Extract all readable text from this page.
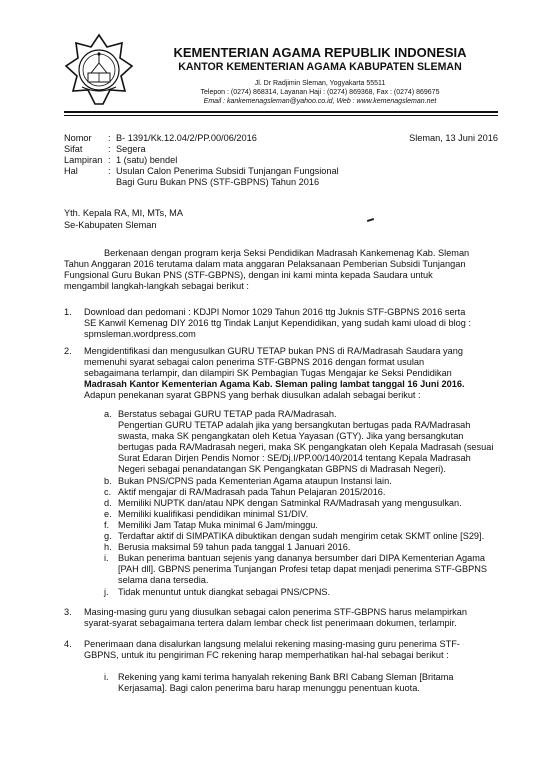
KEMENTERIAN AGAMA REPUBLIK INDONESIA
KANTOR KEMENTERIAN AGAMA KABUPATEN SLEMAN
Jl. Dr Radjimin Sleman, Yogyakarta 55511
Telepon : (0274) 868314, Layanan Haji : (0274) 869368, Fax : (0274) 869675
Email : kankemenagsleman@yahoo.co.id, Web : www.kemenagsleman.net
Nomor	: B- 1391/Kk.12.04/2/PP.00/06/2016	Sleman, 13 Juni 2016
Sifat	: Segera
Lampiran : 1 (satu) bendel
Hal	: Usulan Calon Penerima Subsidi Tunjangan Fungsional
Bagi Guru Bukan PNS (STF-GBPNS) Tahun 2016
Yth. Kepala RA, MI, MTs, MA
Se-Kabupaten Sleman
Berkenaan dengan program kerja Seksi Pendidikan Madrasah Kankemenag Kab. Sleman
Tahun Anggaran 2016 terutama dalam mata anggaran Pelaksanaan Pemberian Subsidi Tunjangan
Fungsional Guru Bukan PNS (STF-GBPNS), dengan ini kami minta kepada Saudara untuk
mengambil langkah-langkah sebagai berikut :
1.	Download dan pedomani : KDJPI Nomor 1029 Tahun 2016 ttg Juknis STF-GBPNS 2016 serta
SE Kanwil Kemenag DIY 2016 ttg Tindak Lanjut Kependidikan, yang sudah kami uload di blog :
spmsleman.wordpress.com
2.	Mengidentifikasi dan mengusulkan GURU TETAP bukan PNS di RA/Madrasah Saudara yang
memenuhi syarat sebagai calon penerima STF-GBPNS 2016 dengan format usulan
sebagaimana terlampir, dan dilampiri SK Pembagian Tugas Mengajar ke Seksi Pendidikan
Madrasah Kantor Kementerian Agama Kab. Sleman paling lambat tanggal 16 Juni 2016.
Adapun penekanan syarat GBPNS yang berhak diusulkan adalah sebagai berikut :
a. Berstatus sebagai GURU TETAP pada RA/Madrasah.
Pengertian GURU TETAP adalah jika yang bersangkutan bertugas pada RA/Madrasah
swasta, maka SK pengangkatan oleh Ketua Yayasan (GTY). Jika yang bersangkutan
bertugas pada RA/Madrasah negeri, maka SK pengangkatan oleh Kepala Madrasah (sesuai
Surat Edaran Dirjen Pendis Nomor : SE/Dj.I/PP.00/140/2014 tentang Kepala Madrasah
Negeri sebagai penandatangan SK Pengangkatan GBPNS di Madrasah Negeri).
b. Bukan PNS/CPNS pada Kementerian Agama ataupun Instansi lain.
c. Aktif mengajar di RA/Madrasah pada Tahun Pelajaran 2015/2016.
d. Memiliki NUPTK dan/atau NPK dengan Satminkal RA/Madrasah yang mengusulkan.
e. Memiliki kualifikasi pendidikan minimal S1/DIV.
f. Memiliki Jam Tatap Muka minimal 6 Jam/minggu.
g. Terdaftar aktif di SIMPATIKA dibuktikan dengan sudah mengirim cetak SKMT online [S29].
h. Berusia maksimal 59 tahun pada tanggal 1 Januari 2016.
i.	Bukan penerima bantuan sejenis yang dananya bersumber dari DIPA Kementerian Agama
[PAH dll]. GBPNS penerima Tunjangan Profesi tetap dapat menjadi penerima STF-GBPNS
selama dana tersedia.
j.	Tidak menuntut untuk diangkat sebagai PNS/CPNS.
3.	Masing-masing guru yang diusulkan sebagai calon penerima STF-GBPNS harus melampirkan
syarat-syarat sebagaimana tertera dalam lembar check list penerimaan dokumen, terlampir.
4.	Penerimaan dana disalurkan langsung melalui rekening masing-masing guru penerima STF-
GBPNS, untuk itu pengiriman FC rekening harap memperhatikan hal-hal sebagai berikut :
i.	Rekening yang kami terima hanyalah rekening Bank BRI Cabang Sleman [Britama
Kerjasama]. Bagi calon penerima baru harap menunggu penentuan kuota.
